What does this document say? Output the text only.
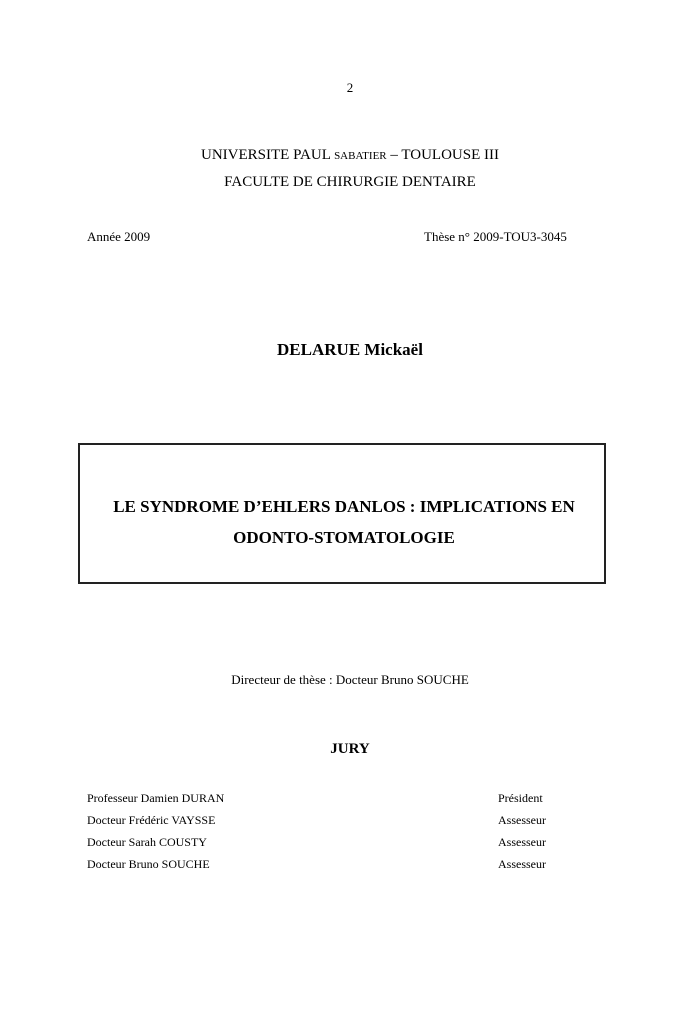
2
UNIVERSITE PAUL SABATIER – TOULOUSE III
FACULTE DE CHIRURGIE DENTAIRE
Année 2009	Thèse n° 2009-TOU3-3045
DELARUE Mickaël
LE SYNDROME D’EHLERS DANLOS : IMPLICATIONS EN
ODONTO-STOMATOLOGIE
Directeur de thèse : Docteur Bruno SOUCHE
JURY
Professeur Damien DURAN	Président
Docteur Frédéric VAYSSE	Assesseur
Docteur Sarah COUSTY	Assesseur
Docteur Bruno SOUCHE	Assesseur
